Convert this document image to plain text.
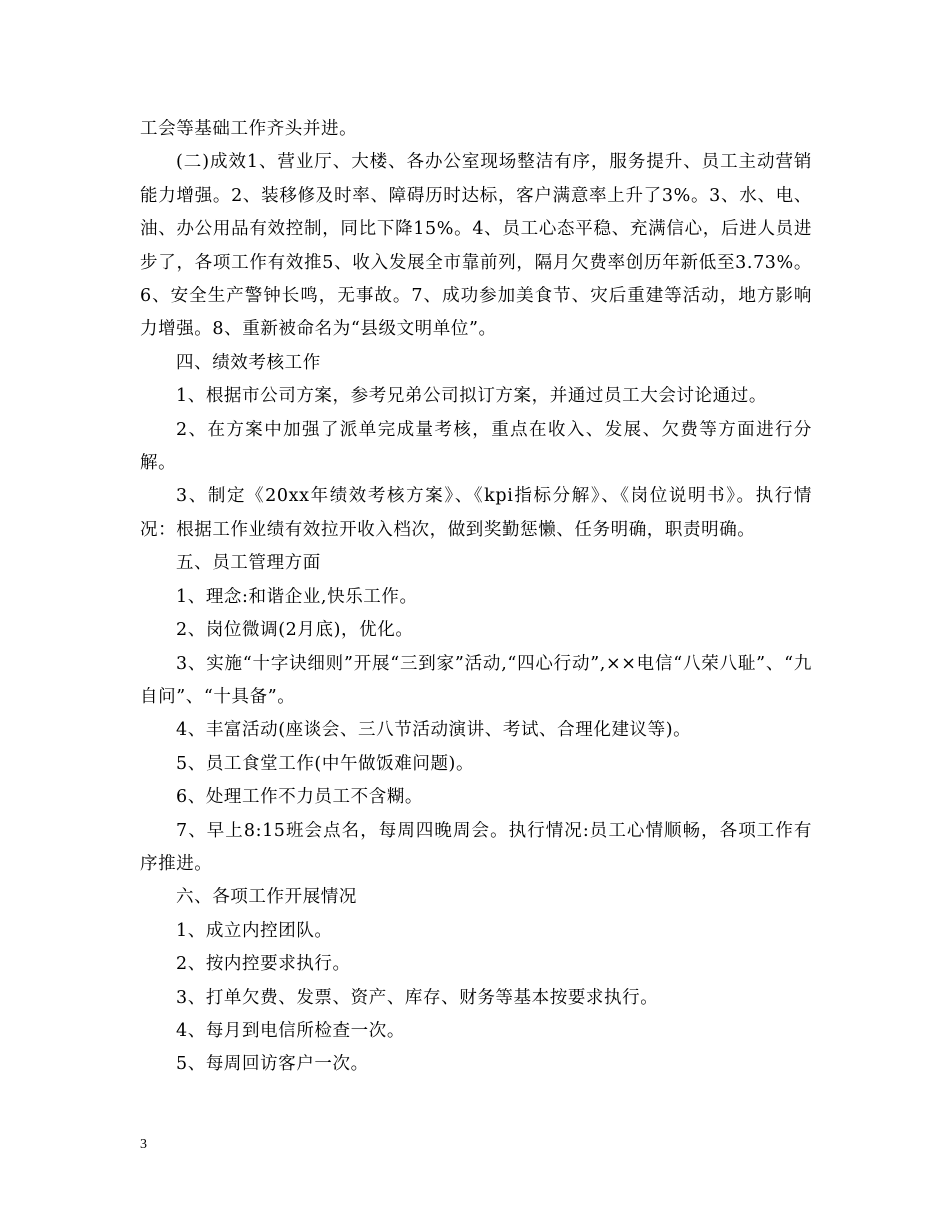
工会等基础工作齐头并进。

(二)成效1、营业厅、大楼、各办公室现场整洁有序，服务提升、员工主动营销能力增强。2、装移修及时率、障碍历时达标，客户满意率上升了3%。3、水、电、油、办公用品有效控制，同比下降15%。4、员工心态平稳、充满信心，后进人员进步了，各项工作有效推5、收入发展全市靠前列，隔月欠费率创历年新低至3.73%。6、安全生产警钟长鸣，无事故。7、成功参加美食节、灾后重建等活动，地方影响力增强。8、重新被命名为“县级文明单位”。

四、绩效考核工作

1、根据市公司方案，参考兄弟公司拟订方案，并通过员工大会讨论通过。

2、在方案中加强了派单完成量考核，重点在收入、发展、欠费等方面进行分解。

3、制定《20xx年绩效考核方案》、《kpi指标分解》、《岗位说明书》。执行情况：根据工作业绩有效拉开收入档次，做到奖勤惩懒、任务明确，职责明确。

五、员工管理方面

1、理念:和谐企业,快乐工作。

2、岗位微调(2月底)，优化。

3、实施“十字诀细则”开展“三到家”活动,“四心行动”,××电信“八荣八耻”、“九自问”、“十具备”。

4、丰富活动(座谈会、三八节活动演讲、考试、合理化建议等)。

5、员工食堂工作(中午做饭难问题)。

6、处理工作不力员工不含糊。

7、早上8:15班会点名，每周四晚周会。执行情况:员工心情顺畅，各项工作有序推进。

六、各项工作开展情况

1、成立内控团队。

2、按内控要求执行。

3、打单欠费、发票、资产、库存、财务等基本按要求执行。

4、每月到电信所检查一次。

5、每周回访客户一次。

3
